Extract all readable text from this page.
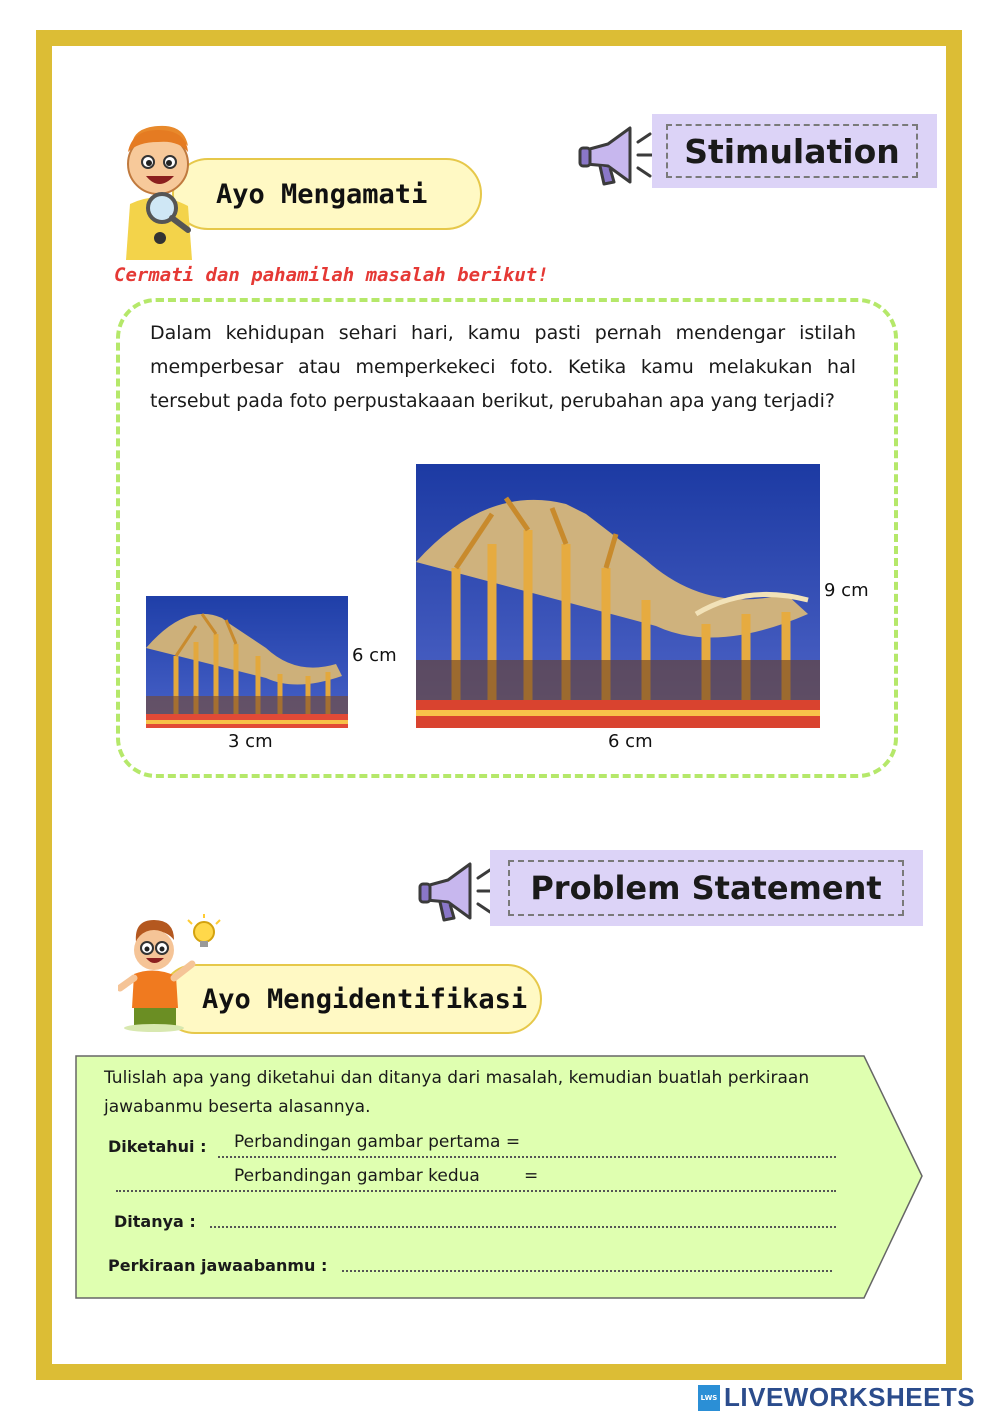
Stimulation
Ayo Mengamati
Cermati dan pahamilah masalah berikut!
Dalam kehidupan sehari hari, kamu pasti pernah mendengar istilah memperbesar atau memperkekeci foto. Ketika kamu melakukan hal tersebut pada foto perpustakaaan berikut, perubahan apa yang terjadi?
6 cm
3 cm
9 cm
6 cm
Problem Statement
Ayo Mengidentifikasi
Tulislah apa yang diketahui dan ditanya dari masalah, kemudian buatlah perkiraan jawabanmu beserta alasannya.
Diketahui : Perbandingan gambar pertama =
Perbandingan gambar kedua	=
Ditanya :
Perkiraan jawaabanmu :
LWS LIVEWORKSHEETS
